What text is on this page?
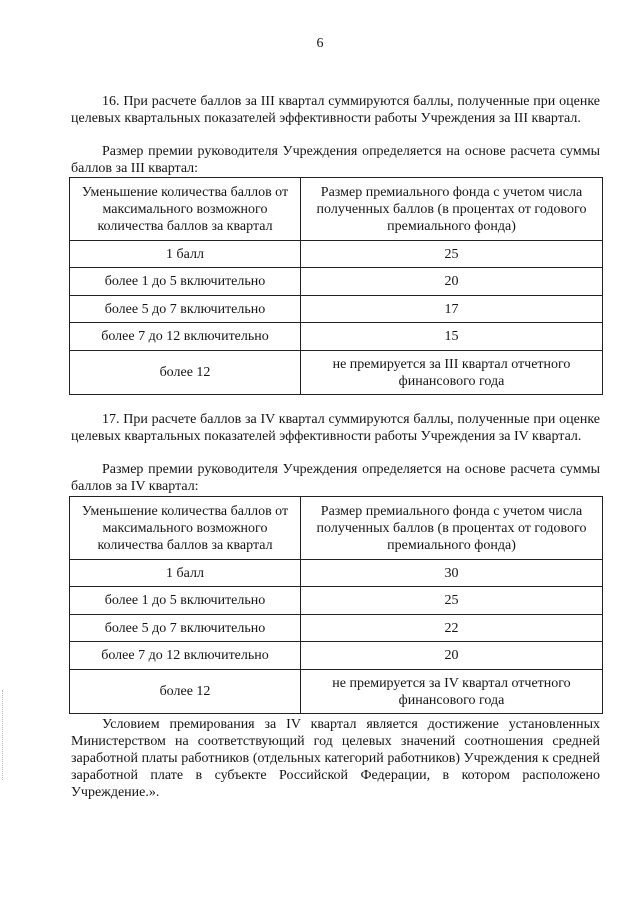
6

16. При расчете баллов за III квартал суммируются баллы, полученные при оценке целевых квартальных показателей эффективности работы Учреждения за III квартал.

Размер премии руководителя Учреждения определяется на основе расчета суммы баллов за III квартал:

Уменьшение количества баллов от максимального возможного количества баллов за квартал	Размер премиального фонда с учетом числа полученных баллов (в процентах от годового премиального фонда)
1 балл	25
более 1 до 5 включительно	20
более 5 до 7 включительно	17
более 7 до 12 включительно	15
более 12	не премируется за III квартал отчетного финансового года

17. При расчете баллов за IV квартал суммируются баллы, полученные при оценке целевых квартальных показателей эффективности работы Учреждения за IV квартал.

Размер премии руководителя Учреждения определяется на основе расчета суммы баллов за IV квартал:

Уменьшение количества баллов от максимального возможного количества баллов за квартал	Размер премиального фонда с учетом числа полученных баллов (в процентах от годового премиального фонда)
1 балл	30
более 1 до 5 включительно	25
более 5 до 7 включительно	22
более 7 до 12 включительно	20
более 12	не премируется за IV квартал отчетного финансового года

Условием премирования за IV квартал является достижение установленных Министерством на соответствующий год целевых значений соотношения средней заработной платы работников (отдельных категорий работников) Учреждения к средней заработной плате в субъекте Российской Федерации, в котором расположено Учреждение.».
